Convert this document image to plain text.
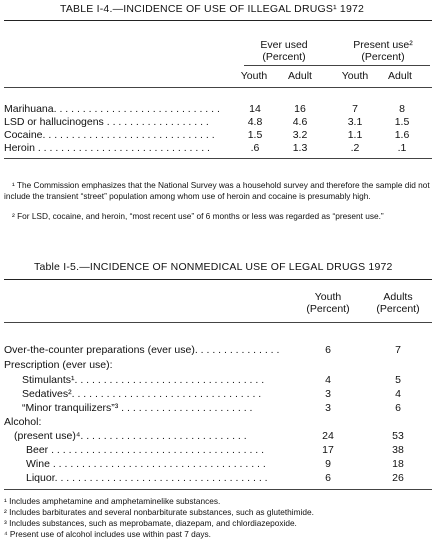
TABLE I-4.—INCIDENCE OF USE OF ILLEGAL DRUGS¹ 1972
Ever used
(Percent)
Present use²
(Percent)
Youth	Adult	Youth	Adult
Marihuana. . . . . . . . . . . . . . . . . . . . . . . . . . . . .	14	16	7	8
LSD or hallucinogens . . . . . . . . . . . . . . . . . .	4.8	4.6	3.1	1.5
Cocaine. . . . . . . . . . . . . . . . . . . . . . . . . . . . . .	1.5	3.2	1.1	1.6
Heroin . . . . . . . . . . . . . . . . . . . . . . . . . . . . . .	.6	1.3	.2	.1
¹ The Commission emphasizes that the National Survey was a household survey and therefore the sample did not include the transient “street” population among whom use of heroin and cocaine is presumably high.
² For LSD, cocaine, and heroin, “most recent use” of 6 months or less was regarded as “present use.”
Table I-5.—INCIDENCE OF NONMEDICAL USE OF LEGAL DRUGS 1972
Youth
(Percent)
Adults
(Percent)
Over-the-counter preparations (ever use). . . . . . . . . . . . . . .	6	7
Prescription (ever use):
Stimulants¹. . . . . . . . . . . . . . . . . . . . . . . . . . . . . . . . .	4	5
Sedatives². . . . . . . . . . . . . . . . . . . . . . . . . . . . . . . . .	3	4
“Minor tranquilizers”³ . . . . . . . . . . . . . . . . . . . . . . .	3	6
Alcohol:
(present use)⁴. . . . . . . . . . . . . . . . . . . . . . . . . . . . .	24	53
Beer . . . . . . . . . . . . . . . . . . . . . . . . . . . . . . . . . . . . .	17	38
Wine . . . . . . . . . . . . . . . . . . . . . . . . . . . . . . . . . . . . .	9	18
Liquor. . . . . . . . . . . . . . . . . . . . . . . . . . . . . . . . . . . . .	6	26
¹ Includes amphetamine and amphetaminelike substances.
² Includes barbiturates and several nonbarbiturate substances, such as glutethimide.
³ Includes substances, such as meprobamate, diazepam, and chlordiazepoxide.
⁴ Present use of alcohol includes use within past 7 days.
